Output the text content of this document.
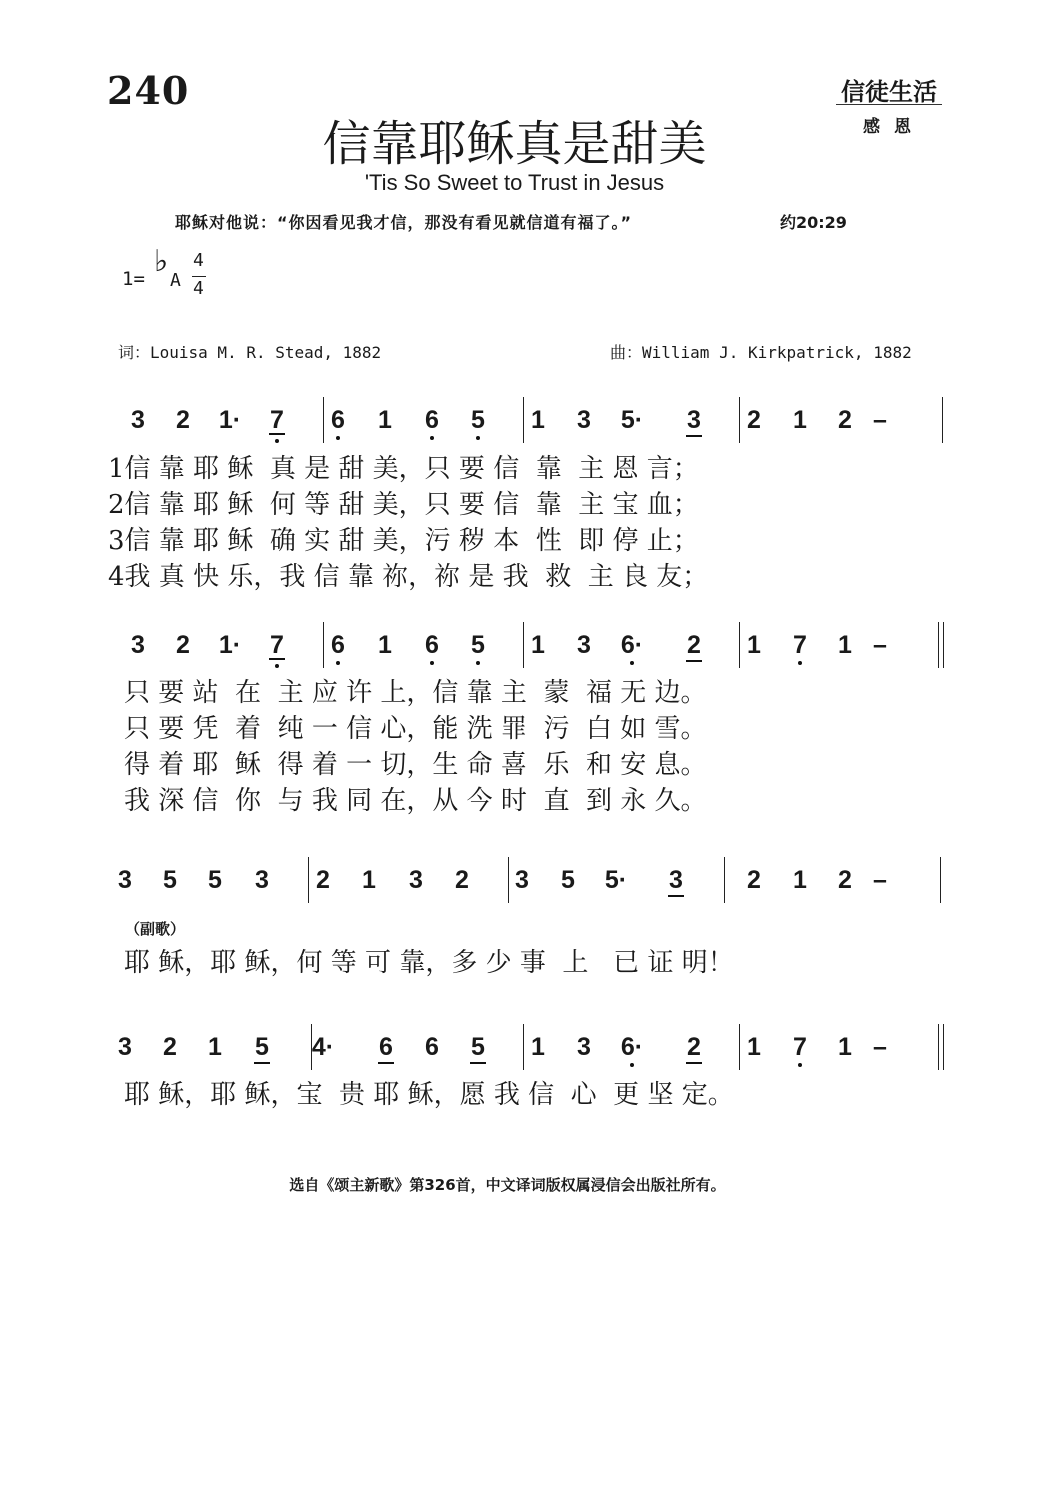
240	信徒生活
感 恩
信靠耶稣真是甜美
'Tis So Sweet to Trust in Jesus
耶稣对他说：“你因看见我才信，那没有看见就信道有福了。”	约20:29
1= ♭
A
4
4
词：Louisa M. R. Stead, 1882	曲：William J. Kirkpatrick, 1882
3	2	1·	7	6	1	6	5	1	3	5·	3	2	1	2 –
1信 靠 耶 稣  真 是 甜 美，只 要 信  靠  主 恩 言；
2信 靠 耶 稣  何 等 甜 美，只 要 信  靠  主 宝 血；
3信 靠 耶 稣  确 实 甜 美，污 秽 本  性  即 停 止；
4我 真 快 乐，我 信 靠 祢，祢 是 我  救  主 良 友；
3	2	1·	7	6	1	6	5	1	3	6·	2	1	7	1 –
只 要 站  在  主 应 许 上，信 靠 主  蒙  福 无 边。
只 要 凭  着  纯 一 信 心，能 洗 罪  污  白 如 雪。
得 着 耶  稣  得 着 一 切，生 命 喜  乐  和 安 息。
我 深 信  你  与 我 同 在，从 今 时  直  到 永 久。
3	5	5	3	2	1	3	2	3	5	5·	3	2	1	2 –
耶 稣，耶 稣，何 等 可 靠，多 少 事  上   已 证 明！
3	2	1	5	4·	6	6	5	1	3	6·	2	1	7	1 –
耶 稣，耶 稣，宝  贵 耶 稣，愿 我 信  心  更 坚 定。
（副歌）
选自《颂主新歌》第326首，中文译词版权属浸信会出版社所有。
